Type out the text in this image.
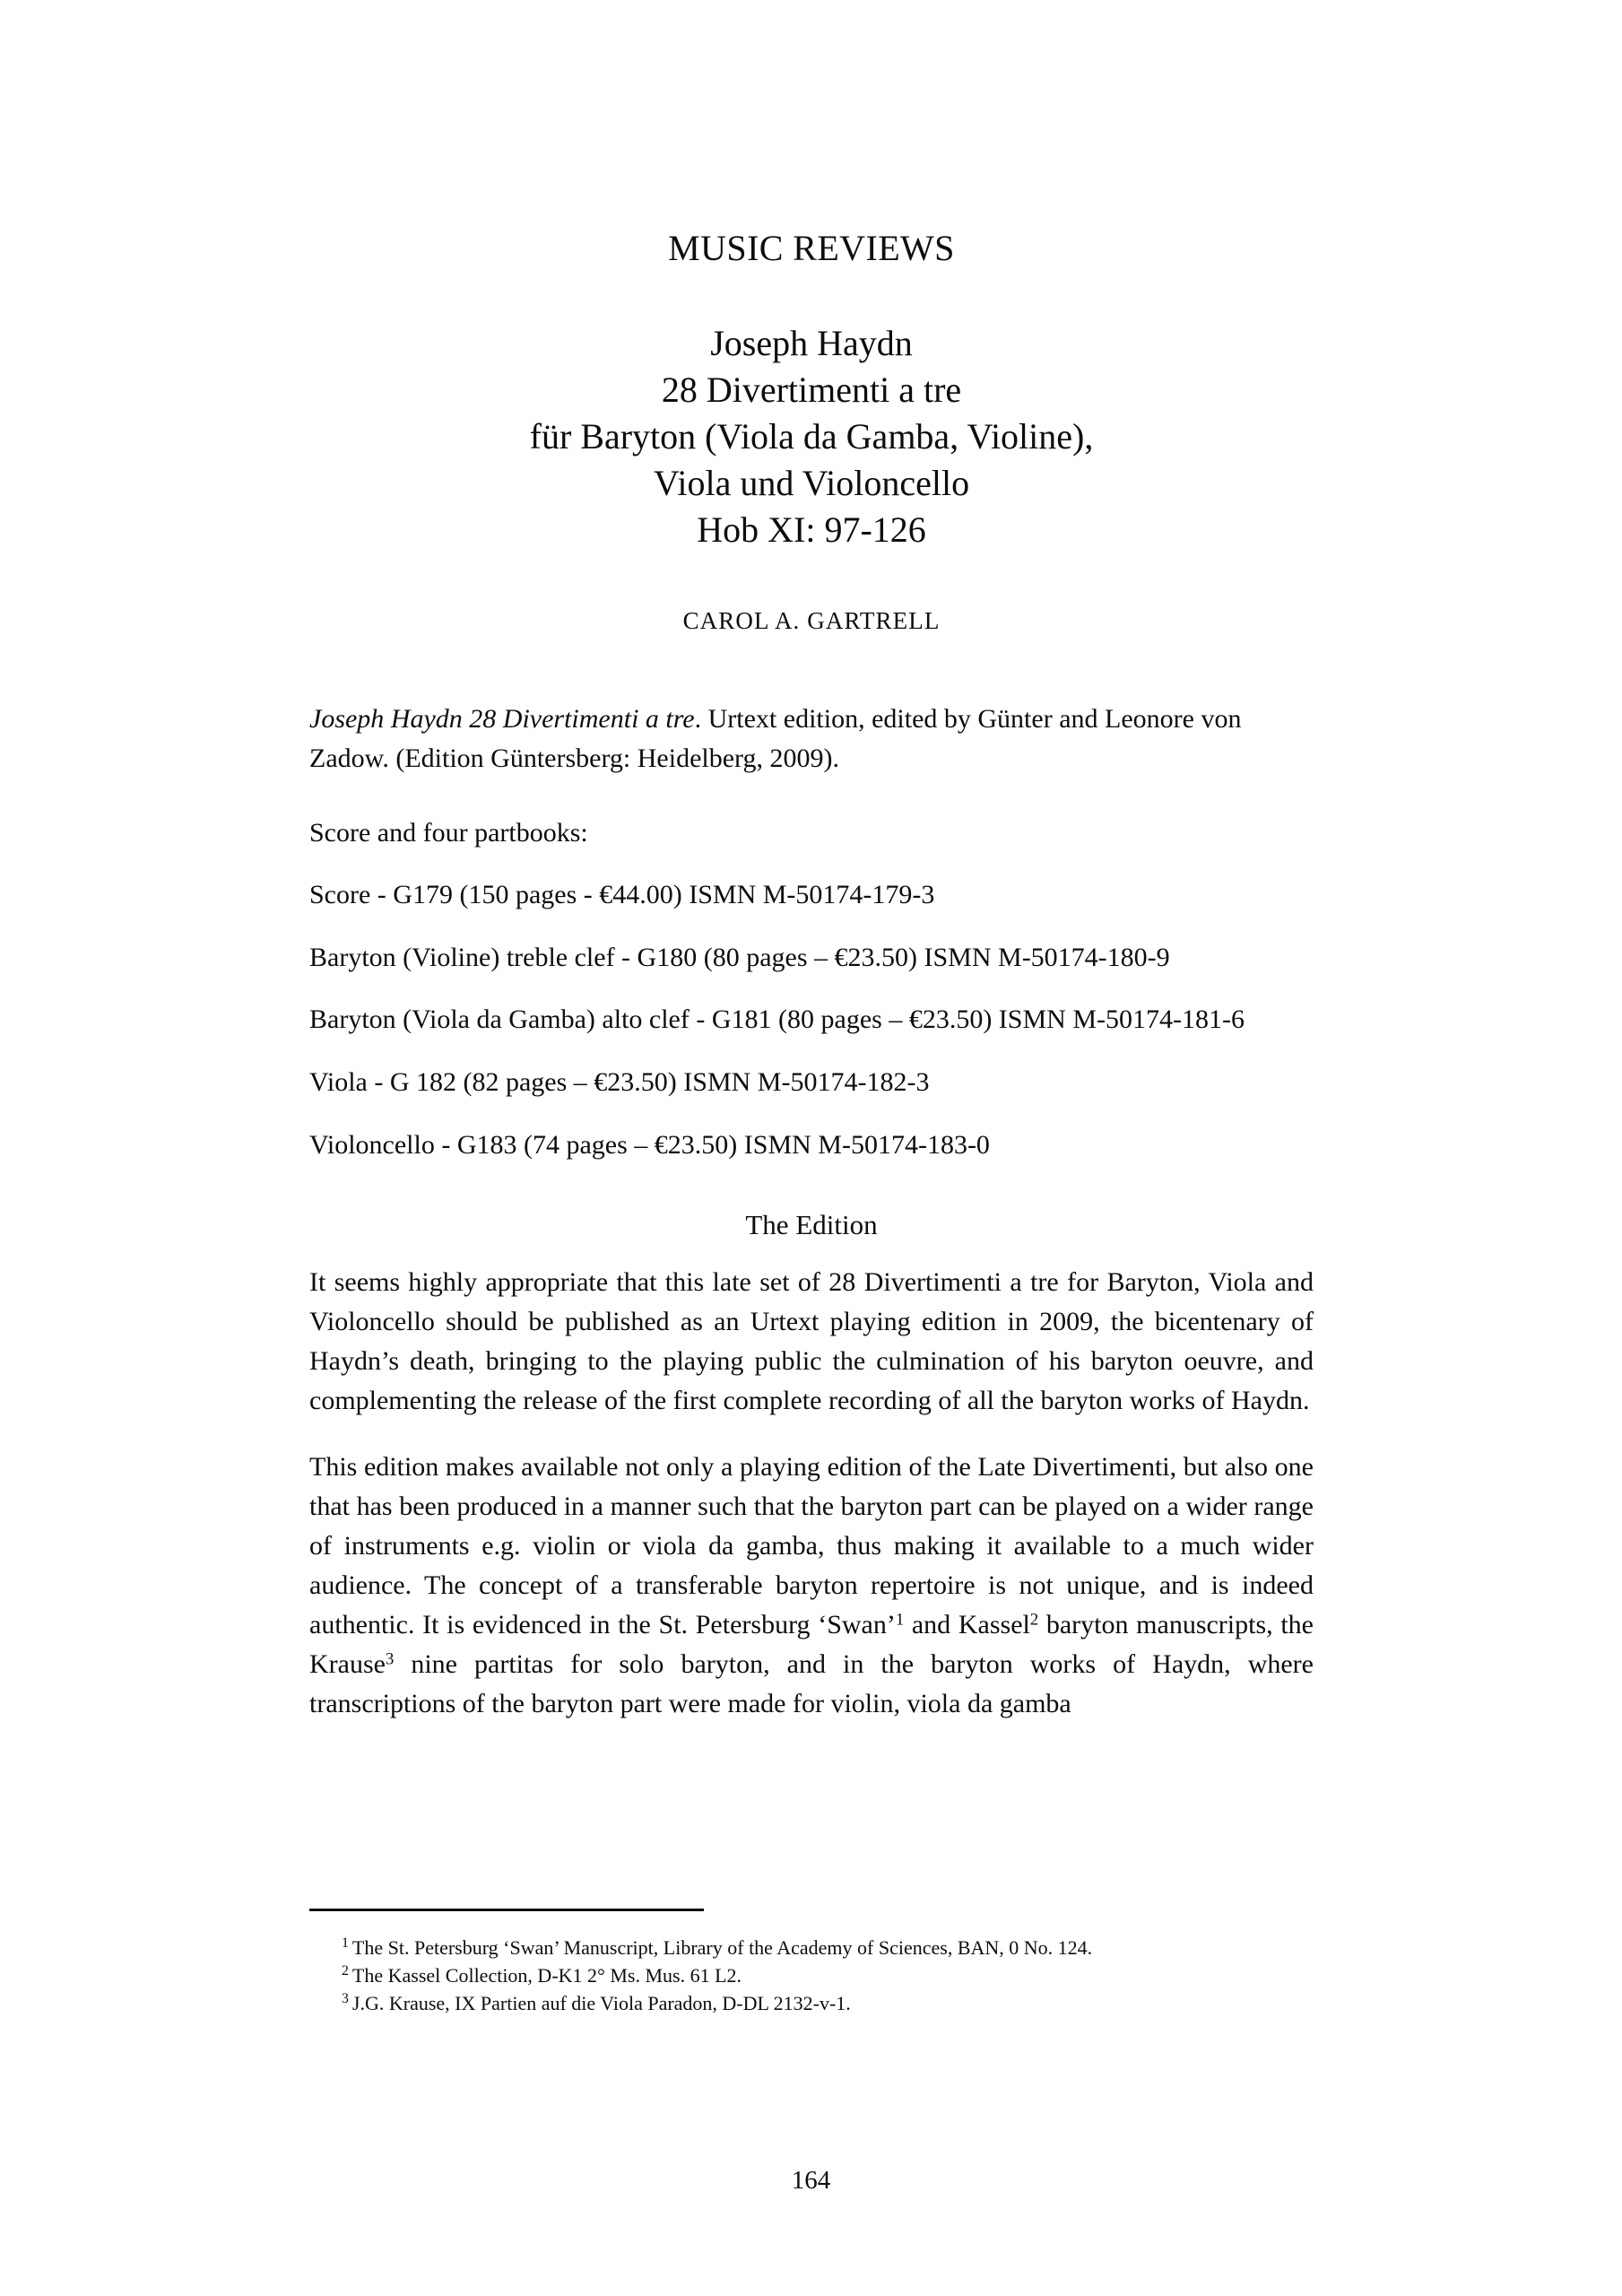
MUSIC REVIEWS
Joseph Haydn
28 Divertimenti a tre
für Baryton (Viola da Gamba, Violine),
Viola und Violoncello
Hob XI: 97-126
CAROL A. GARTRELL
Joseph Haydn 28 Divertimenti a tre. Urtext edition, edited by Günter and Leonore von Zadow. (Edition Güntersberg: Heidelberg, 2009).
Score and four partbooks:
Score - G179 (150 pages - €44.00) ISMN M-50174-179-3
Baryton (Violine) treble clef - G180 (80 pages – €23.50) ISMN M-50174-180-9
Baryton (Viola da Gamba) alto clef - G181 (80 pages – €23.50) ISMN M-50174-181-6
Viola - G 182 (82 pages – €23.50) ISMN M-50174-182-3
Violoncello - G183 (74 pages – €23.50) ISMN M-50174-183-0
The Edition

It seems highly appropriate that this late set of 28 Divertimenti a tre for Baryton, Viola and Violoncello should be published as an Urtext playing edition in 2009, the bicentenary of Haydn’s death, bringing to the playing public the culmination of his baryton oeuvre, and complementing the release of the first complete recording of all the baryton works of Haydn.

This edition makes available not only a playing edition of the Late Divertimenti, but also one that has been produced in a manner such that the baryton part can be played on a wider range of instruments e.g. violin or viola da gamba, thus making it available to a much wider audience. The concept of a transferable baryton repertoire is not unique, and is indeed authentic. It is evidenced in the St. Petersburg ‘Swan’$^1$ and Kassel$^2$ baryton manuscripts, the Krause$^3$ nine partitas for solo baryton, and in the baryton works of Haydn, where transcriptions of the baryton part were made for violin, viola da gamba

$^1$ The St. Petersburg ‘Swan’ Manuscript, Library of the Academy of Sciences, BAN, 0 No. 124.
$^2$ The Kassel Collection, D-K1 2° Ms. Mus. 61 L2.
$^3$ J.G. Krause, IX Partien auf die Viola Paradon, D-DL 2132-v-1.
164
